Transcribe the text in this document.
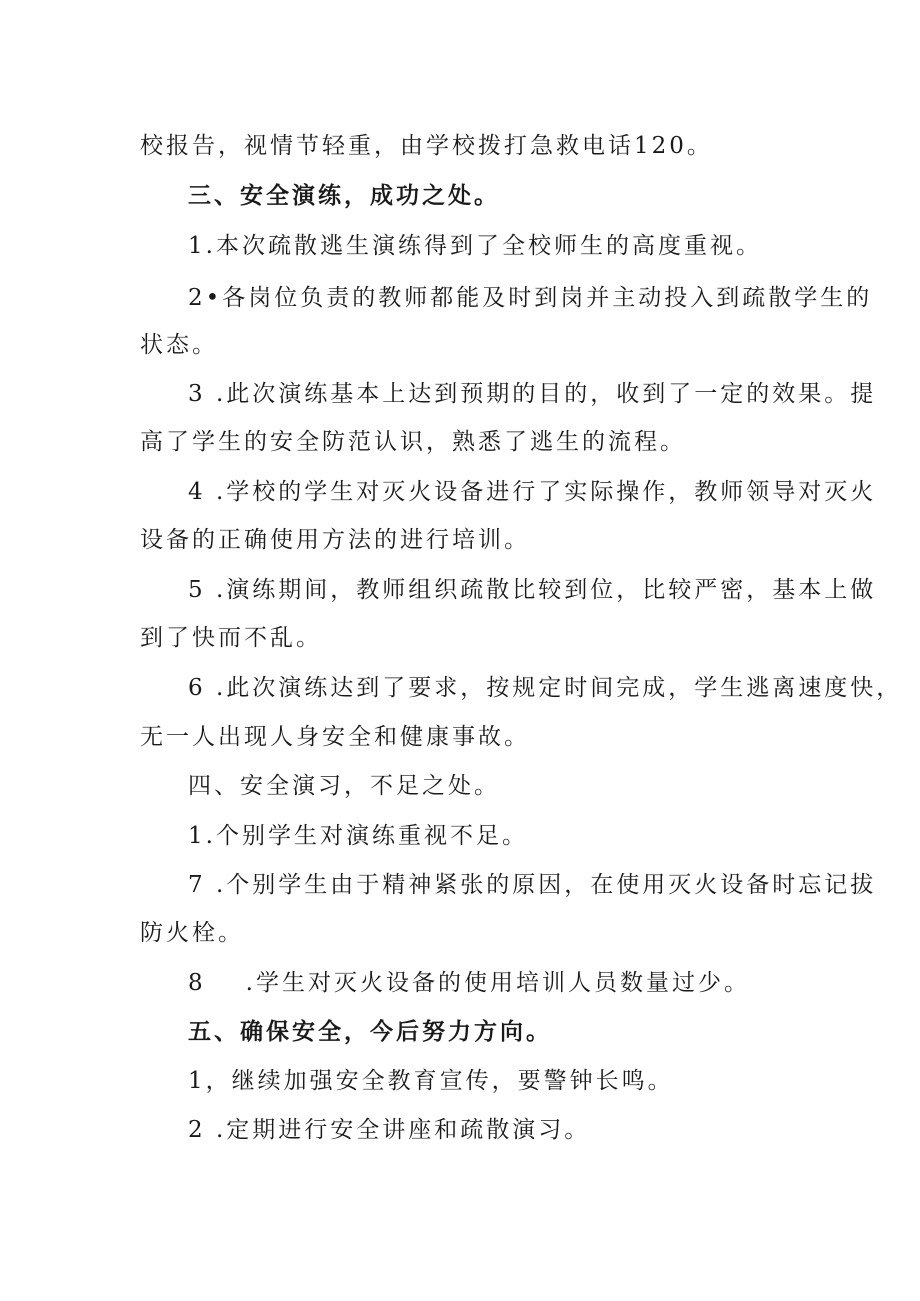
校报告，视情节轻重，由学校拨打急救电话120。
三、安全演练，成功之处。
1.本次疏散逃生演练得到了全校师生的高度重视。
2•各岗位负责的教师都能及时到岗并主动投入到疏散学生的
状态。
3 .此次演练基本上达到预期的目的，收到了一定的效果。提
高了学生的安全防范认识，熟悉了逃生的流程。
4 .学校的学生对灭火设备进行了实际操作，教师领导对灭火
设备的正确使用方法的进行培训。
5 .演练期间，教师组织疏散比较到位，比较严密，基本上做
到了快而不乱。
6 .此次演练达到了要求，按规定时间完成，学生逃离速度快，
无一人出现人身安全和健康事故。
四、安全演习，不足之处。
1.个别学生对演练重视不足。
7 .个别学生由于精神紧张的原因，在使用灭火设备时忘记拔
防火栓。
8 .学生对灭火设备的使用培训人员数量过少。
五、确保安全，今后努力方向。
1，继续加强安全教育宣传，要警钟长鸣。
2 .定期进行安全讲座和疏散演习。
